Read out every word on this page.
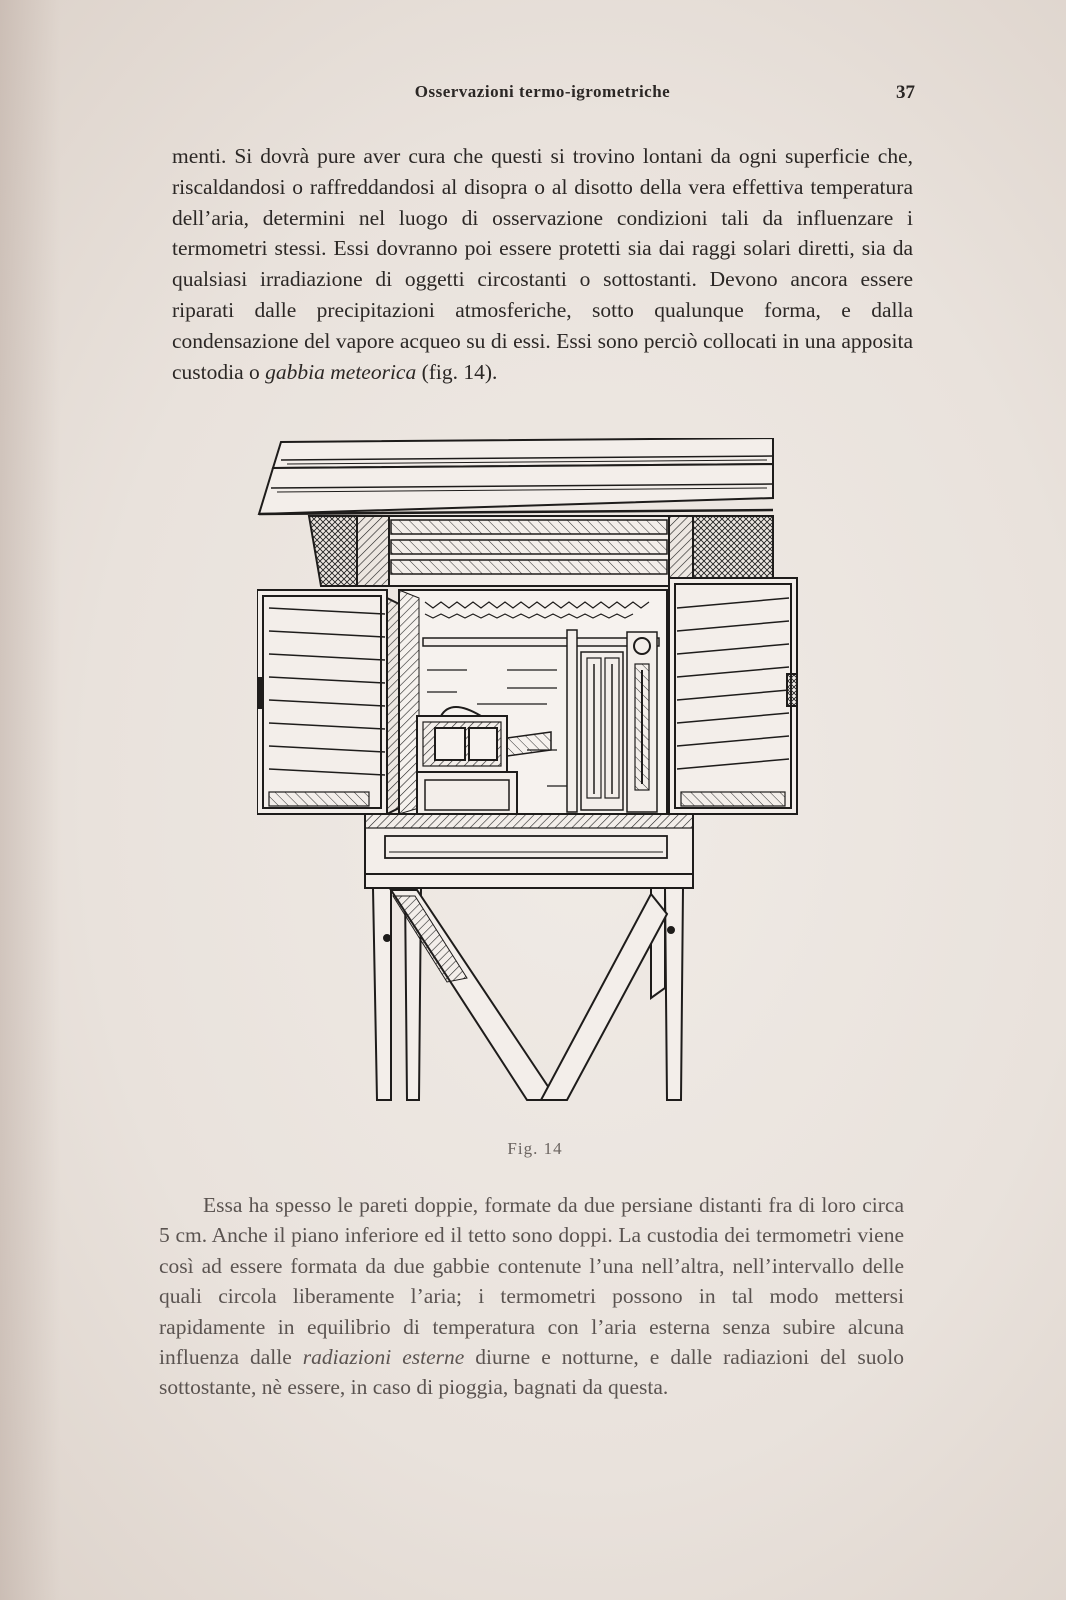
Osservazioni termo-igrometriche	37

menti. Si dovrà pure aver cura che questi si trovino lontani da ogni superficie che, riscaldandosi o raffreddandosi al disopra o al disotto della vera effettiva temperatura dell’aria, determini nel luogo di osservazione condizioni tali da influenzare i termometri stessi. Essi dovranno poi essere protetti sia dai raggi solari diretti, sia da qualsiasi irradiazione di oggetti circostanti o sottostanti. Devono ancora essere riparati dalle precipitazioni atmosferiche, sotto qualunque forma, e dalla condensazione del vapore acqueo su di essi. Essi sono perciò collocati in una apposita custodia o gabbia meteorica (fig. 14).

Fig. 14

Essa ha spesso le pareti doppie, formate da due persiane distanti fra di loro circa 5 cm. Anche il piano inferiore ed il tetto sono doppi. La custodia dei termometri viene così ad essere formata da due gabbie contenute l’una nell’altra, nell’intervallo delle quali circola liberamente l’aria; i termometri possono in tal modo mettersi rapidamente in equilibrio di temperatura con l’aria esterna senza subire alcuna influenza dalle radiazioni esterne diurne e notturne, e dalle radiazioni del suolo sottostante, nè essere, in caso di pioggia, bagnati da questa.
